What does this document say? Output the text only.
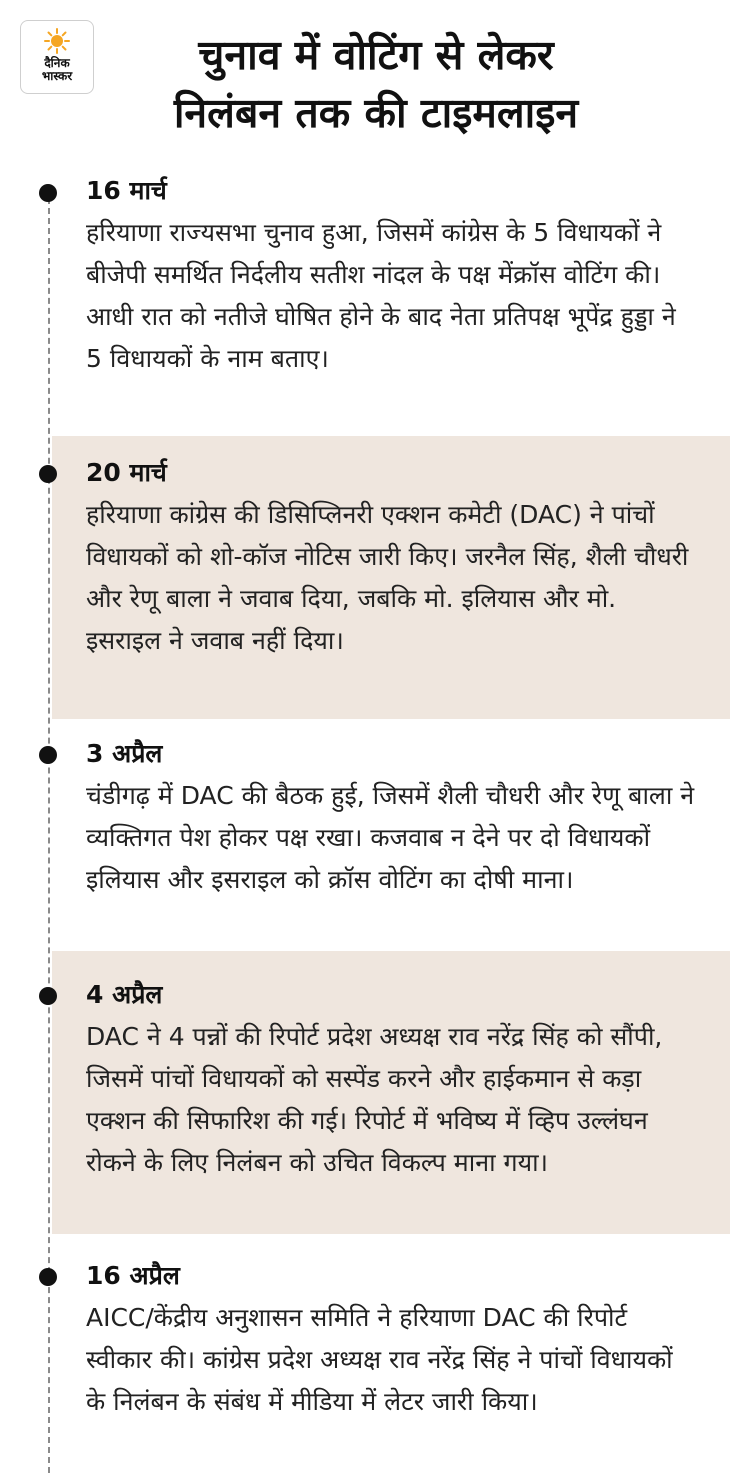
दैनिक
भास्कर	चुनाव में वोटिंग से लेकर
निलंबन तक की टाइमलाइन
16 मार्च

हरियाणा राज्यसभा चुनाव हुआ, जिसमें कांग्रेस के 5 विधायकों ने बीजेपी समर्थित निर्दलीय सतीश नांदल के पक्ष मेंक्रॉस वोटिंग की। आधी रात को नतीजे घोषित होने के बाद नेता प्रतिपक्ष भूपेंद्र हुड्डा ने 5 विधायकों के नाम बताए।

20 मार्च

हरियाणा कांग्रेस की डिसिप्लिनरी एक्शन कमेटी (DAC) ने पांचों विधायकों को शो-कॉज नोटिस जारी किए। जरनैल सिंह, शैली चौधरी और रेणू बाला ने जवाब दिया, जबकि मो. इलियास और मो. इसराइल ने जवाब नहीं दिया।

3 अप्रैल

चंडीगढ़ में DAC की बैठक हुई, जिसमें शैली चौधरी और रेणू बाला ने व्यक्तिगत पेश होकर पक्ष रखा। कजवाब न देने पर दो विधायकों इलियास और इसराइल को क्रॉस वोटिंग का दोषी माना।

4 अप्रैल

DAC ने 4 पन्नों की रिपोर्ट प्रदेश अध्यक्ष राव नरेंद्र सिंह को सौंपी, जिसमें पांचों विधायकों को सस्पेंड करने और हाईकमान से कड़ा एक्शन की सिफारिश की गई। रिपोर्ट में भविष्य में व्हिप उल्लंघन रोकने के लिए निलंबन को उचित विकल्प माना गया।

16 अप्रैल

AICC/केंद्रीय अनुशासन समिति ने हरियाणा DAC की रिपोर्ट स्वीकार की। कांग्रेस प्रदेश अध्यक्ष राव नरेंद्र सिंह ने पांचों विधायकों के निलंबन के संबंध में मीडिया में लेटर जारी किया।
